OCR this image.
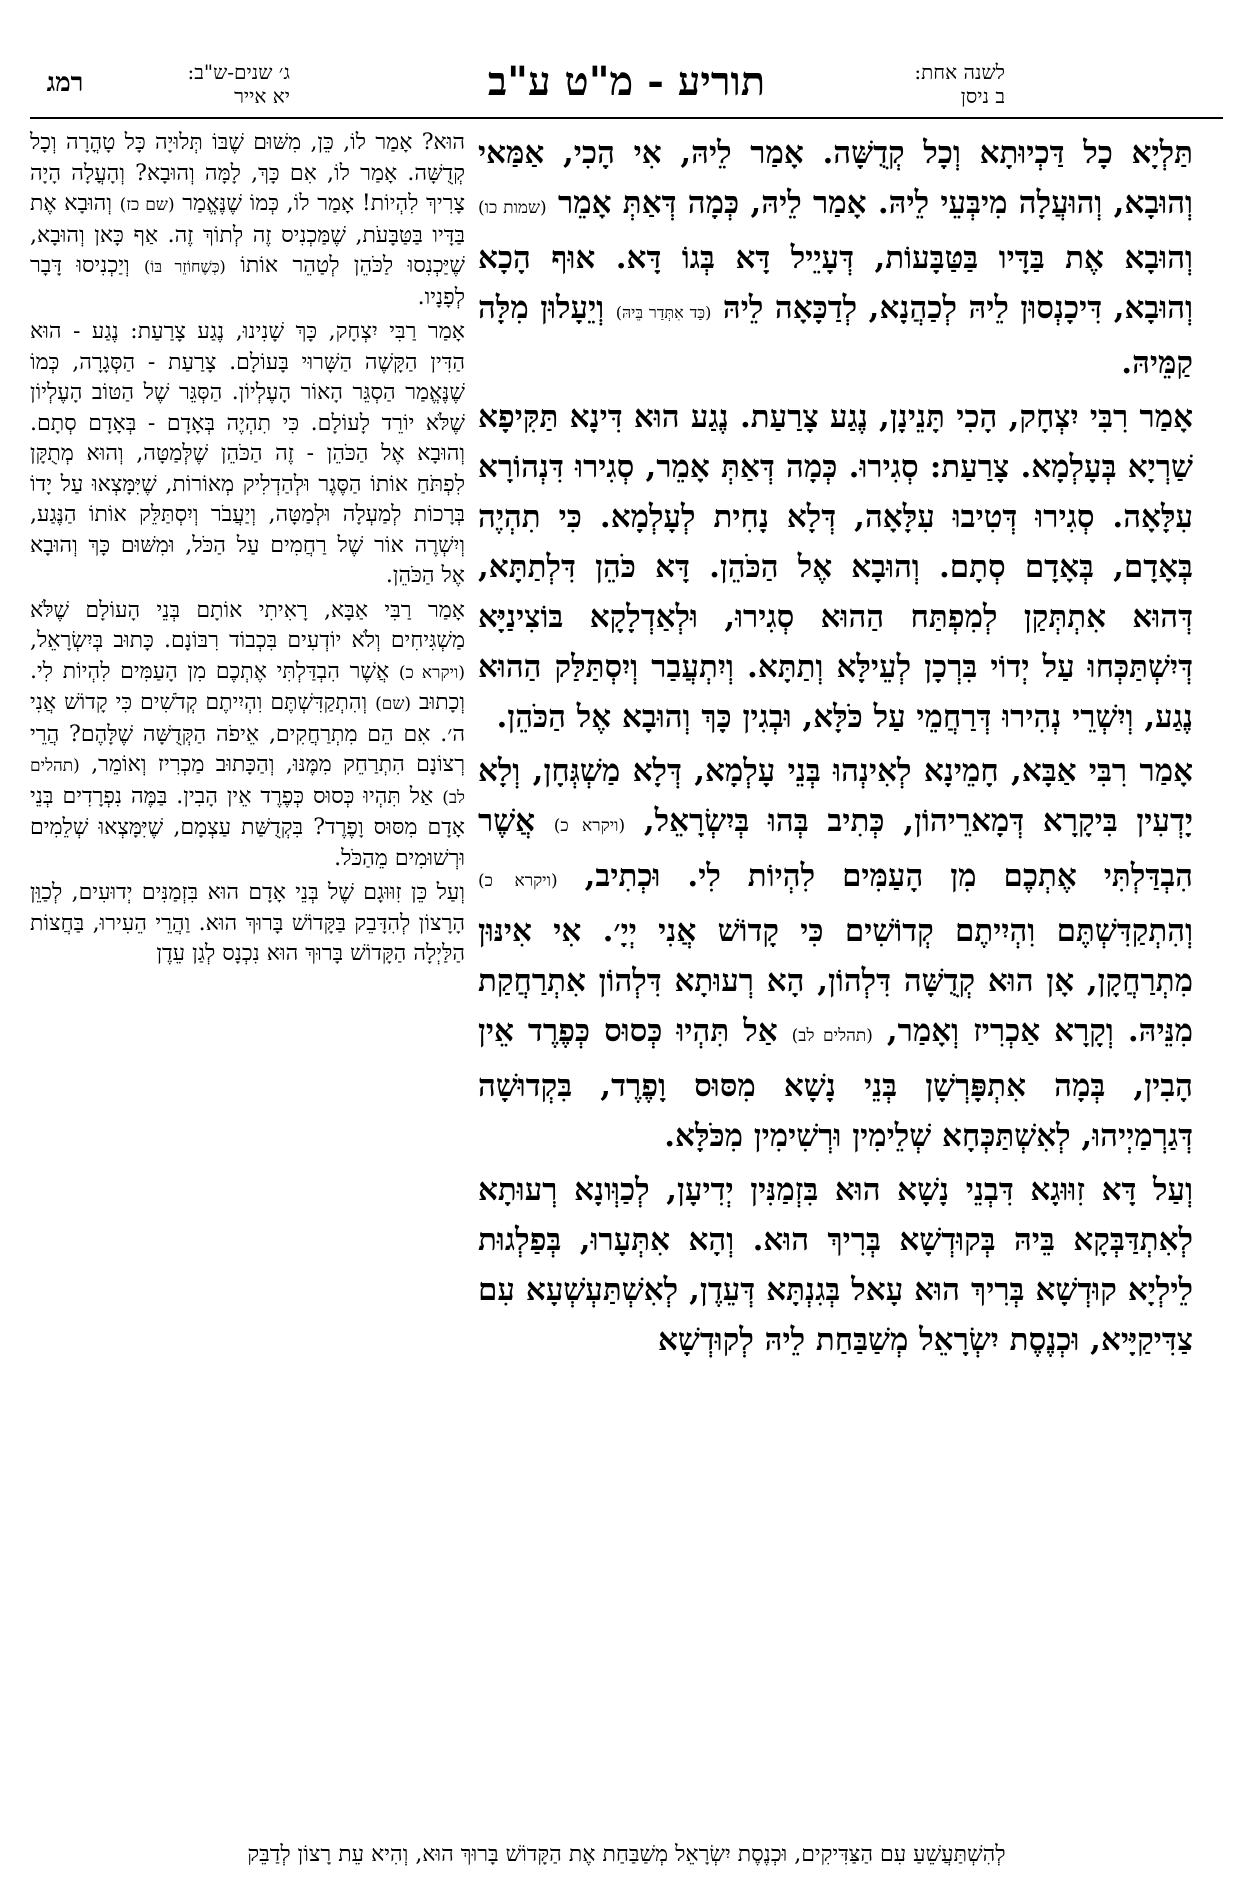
לשנה אחת:
ב ניסן
תוריע - מ"ט ע"ב
ג׳ שנים-ש"ב:
יא אייר
רמג

תַּלְיָא כָל דַּכְיוּתָא וְכָל קְדֻשָּׁה. אָמַר לֵיהּ, אִי הָכִי, אַמַּאי וְהוּבָא, וְהוּעֲלָה מִיבְּעֵי לֵיהּ. אָמַר לֵיהּ, כְּמָה דְּאַתְּ אָמֵר (שמות כו) וְהוּבָא אֶת בַּדָּיו בַּטַּבָּעוֹת, דְּעָיֵיל דָּא בְּגוֹ דָּא. אוּף הָכָא וְהוּבָא, דִּיכָנְסוּן לֵיהּ לְכַהֲנָא, לְדַכָּאָה לֵיהּ (כַּד אִתְּדַר בֵּיהּ) וְיֵעָלוּן מִלָּה קַמֵּיהּ.

אָמַר רִבִּי יִצְחָק, הָכִי תָּנֵינָן, נֶגַע צָרַעַת. נֶגַע הוּא דִּינָא תַּקִּיפָא שַׁרְיָא בְּעָלְמָא. צָרַעַת: סְגִירוּ. כְּמָה דְּאַתְּ אָמֵר, סְגִירוּ דִּנְהוֹרָא עִלָּאָה. סְגִירוּ דְּטִיבוּ עִלָּאָה, דְּלָא נָחִית לְעָלְמָא. כִּי תִהְיֶה בְּאָדָם, בְּאָדָם סְתָם. וְהוּבָא אֶל הַכֹּהֵן. דָּא כֹּהֵן דִּלְתַתָּא, דְּהוּא אִתְתְּקַן לְמִפְתַּח הַהוּא סְגִירוּ, וּלְאַדְלָקָא בּוֹצִינַיָּא דְּיִשְׁתַּכְּחוּ עַל יְדוֹי בִּרְכָן לְעֵילָּא וְתַתָּא. וְיִתְעֲבַר וְיִסְתַּלַּק הַהוּא נֶגַע, וְיִשְׁרֵי נְהִירוּ דְּרַחֲמֵי עַל כֹּלָּא, וּבְגִין כָּךְ וְהוּבָא אֶל הַכֹּהֵן.

אָמַר רִבִּי אַבָּא, חָמֵינָא לְאִינְהוּ בְּנֵי עָלְמָא, דְּלָא מַשְׁגְּחָן, וְלָא יָדְעִין בִּיקָרָא דְּמָארֵיהוֹן, כְּתִיב בְּהוּ בְּיִשְׂרָאֵל, (ויקרא כ) אֲשֶׁר הִבְדַּלְתִּי אֶתְכֶם מִן הָעַמִּים לִהְיוֹת לִי. וּכְתִיב, (ויקרא כ) וְהִתְקַדִּשְׁתֶּם וִהְיִיתֶם קְדוֹשִׁים כִּי קָדוֹשׁ אֲנִי יְיָ׳. אִי אִינּוּן מִתְרַחֲקָן, אָן הוּא קְדֻשָּׁה דִּלְהוֹן, הָא רְעוּתָא דִּלְהוֹן אִתְרַחֲקַת מִנֵּיהּ. וְקָרָא אַכְרִיז וְאָמַר, (תהלים לב) אַל תִּהְיוּ כְּסוּס כְּפֶרֶד אֵין הָבִין, בְּמָה אִתְפָּרְשָׁן בְּנֵי נָשָׁא מִסּוּס וָפֶרֶד, בִּקְדוּשָׁה דְּגַרְמַיְיהוּ, לְאִשְׁתַּכְּחָא שְׁלֵימִין וּרְשִׁימִין מִכֹּלָּא.

וְעַל דָּא זִוּוּגָא דִּבְנֵי נָשָׁא הוּא בִּזְמַנִּין יְדִיעָן, לְכַוְּונָא רְעוּתָא לְאִתְדַּבְּקָא בֵּיהּ בְּקוּדְשָׁא בְּרִיךְ הוּא. וְהָא אִתְּעָרוּ, בְּפַלְגוּת לֵילְיָא קוּדְשָׁא בְּרִיךְ הוּא עָאל בְּגִנְתָּא דְּעֵדֶן, לְאִשְׁתַּעְשְׁעָא עִם צַדִּיקַיָּיא, וּכְנֶסֶת יִשְׂרָאֵל מְשַׁבַּחַת לֵיהּ לְקוּדְשָׁא

הוּא? אָמַר לוֹ, כֵּן, מִשּׁוּם שֶׁבּוֹ תְּלוּיָה כָּל טָהֳרָה וְכָל קְדֻשָּׁה. אָמַר לוֹ, אִם כָּךְ, לָמָּה וְהוּבָא? וְהָעֳלָה הָיָה צָרִיךְ לִהְיוֹת! אָמַר לוֹ, כְּמוֹ שֶׁנֶּאֱמַר (שם כז) וְהוּבָא אֶת בַּדָּיו בַּטַּבָּעֹת, שֶׁמַּכְנִיס זֶה לְתוֹךְ זֶה. אַף כָּאן וְהוּבָא, שֶׁיַּכְנִסוּ לַכֹּהֵן לְטַהֵר אוֹתוֹ (כְּשֶׁחוֹזֵר בּוֹ) וְיַכְנִיסוּ דָּבָר לְפָנָיו.

אָמַר רַבִּי יִצְחָק, כָּךְ שָׁנִינוּ, נֶגַע צָרַעַת: נֶגַע - הוּא הַדִּין הַקָּשֶׁה הַשָּׁרוּי בָּעוֹלָם. צָרַעַת - הַסְּגָרָה, כְּמוֹ שֶׁנֶּאֱמַר הַסְגֵּר הָאוֹר הָעֶלְיוֹן. הַסְּגֵּר שֶׁל הַטּוֹב הָעֶלְיוֹן שֶׁלֹּא יוֹרֵד לָעוֹלָם. כִּי תִהְיֶה בְּאָדָם - בְּאָדָם סְתָם. וְהוּבָא אֶל הַכֹּהֵן - זֶה הַכֹּהֵן שֶׁלְּמַטָּה, וְהוּא מְתֻקָּן לִפְתֹּחַ אוֹתוֹ הַסֶּגֶר וּלְהַדְלִיק מְאוֹרוֹת, שֶׁיִּמָּצְאוּ עַל יָדוֹ בְּרָכוֹת לְמַעְלָה וּלְמַטָּה, וְיַעֲבֹר וְיִסְתַּלֵּק אוֹתוֹ הַנֶּגַע, וְיִשְׁרֶה אוֹר שֶׁל רַחֲמִים עַל הַכֹּל, וּמִשּׁוּם כָּךְ וְהוּבָא אֶל הַכֹּהֵן.

אָמַר רַבִּי אַבָּא, רָאִיתִי אוֹתָם בְּנֵי הָעוֹלָם שֶׁלֹּא מַשְׁגִּיחִים וְלֹא יוֹדְעִים בִּכְבוֹד רִבּוֹנָם. כָּתוּב בְּיִשְׂרָאֵל, (ויקרא כ) אֲשֶׁר הִבְדַּלְתִּי אֶתְכֶם מִן הָעַמִּים לִהְיוֹת לִי. וְכָתוּב (שם) וְהִתְקַדִּשְׁתֶּם וִהְיִיתֶם קְדֹשִׁים כִּי קָדוֹשׁ אֲנִי ה׳. אִם הֵם מִתְרַחֲקִים, אֵיפֹה הַקְּדֻשָּׁה שֶׁלָּהֶם? הֲרֵי רְצוֹנָם הִתְרַחֵק מִמֶּנּוּ, וְהַכָּתוּב מַכְרִיז וְאוֹמֵר, (תהלים לב) אַל תִּהְיוּ כְּסוּס כְּפֶרֶד אֵין הָבִין. בַּמֶּה נִפְרָדִים בְּנֵי אָדָם מִסּוּס וָפֶרֶד? בִּקְדֻשַּׁת עַצְמָם, שֶׁיִּמָּצְאוּ שְׁלֵמִים וּרְשׁוּמִים מֵהַכֹּל.

וְעַל כֵּן זִוּוּגָם שֶׁל בְּנֵי אָדָם הוּא בִּזְמַנִּים יְדוּעִים, לְכַוֵּן הָרָצוֹן לְהִדָּבֵק בַּקָּדוֹשׁ בָּרוּךְ הוּא. וַהֲרֵי הֵעִירוּ, בַּחֲצוֹת הַלַּיְלָה הַקָּדוֹשׁ בָּרוּךְ הוּא נִכְנָס לְגַן עֵדֶן

לְהִשְׁתַּעֲשֵׁעַ עִם הַצַּדִּיקִים, וּכְנֶסֶת יִשְׂרָאֵל מְשַׁבַּחַת אֶת הַקָּדוֹשׁ בָּרוּךְ הוּא, וְהִיא עֵת רָצוֹן לְדַבֵּק
